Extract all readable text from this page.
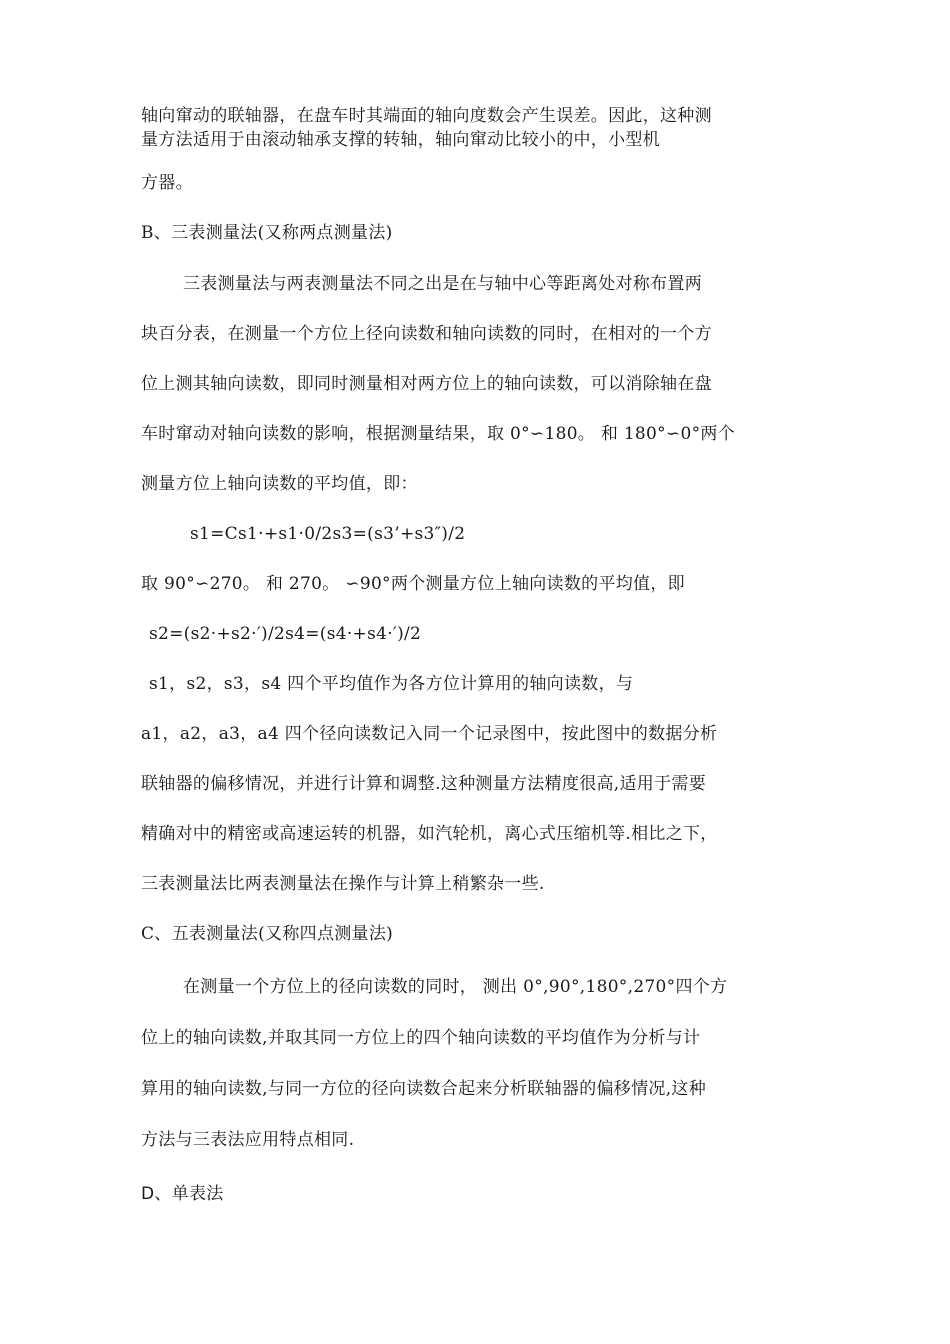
轴向窜动的联轴器，在盘车时其端面的轴向度数会产生误差。因此，这种测
量方法适用于由滚动轴承支撑的转轴，轴向窜动比较小的中，小型机
方器。
B、三表测量法(又称两点测量法)
三表测量法与两表测量法不同之出是在与轴中心等距离处对称布置两
块百分表，在测量一个方位上径向读数和轴向读数的同时，在相对的一个方
位上测其轴向读数，即同时测量相对两方位上的轴向读数，可以消除轴在盘
车时窜动对轴向读数的影响，根据测量结果，取 0°∽180。 和 180°∽0°两个
测量方位上轴向读数的平均值，即：
s1=Cs1·+s1·0/2s3=(s3’+s3″)/2
取 90°∽270。 和 270。 ∽90°两个测量方位上轴向读数的平均值，即
s2=(s2·+s2·′)/2s4=(s4·+s4·′)/2
s1，s2，s3，s4 四个平均值作为各方位计算用的轴向读数，与
a1，a2，a3，a4 四个径向读数记入同一个记录图中，按此图中的数据分析
联轴器的偏移情况，并进行计算和调整.这种测量方法精度很高,适用于需要
精确对中的精密或高速运转的机器，如汽轮机，离心式压缩机等.相比之下，
三表测量法比两表测量法在操作与计算上稍繁杂一些.
C、五表测量法(又称四点测量法)
在测量一个方位上的径向读数的同时， 测出 0°,90°,180°,270°四个方
位上的轴向读数,并取其同一方位上的四个轴向读数的平均值作为分析与计
算用的轴向读数,与同一方位的径向读数合起来分析联轴器的偏移情况,这种
方法与三表法应用特点相同.
D、单表法
